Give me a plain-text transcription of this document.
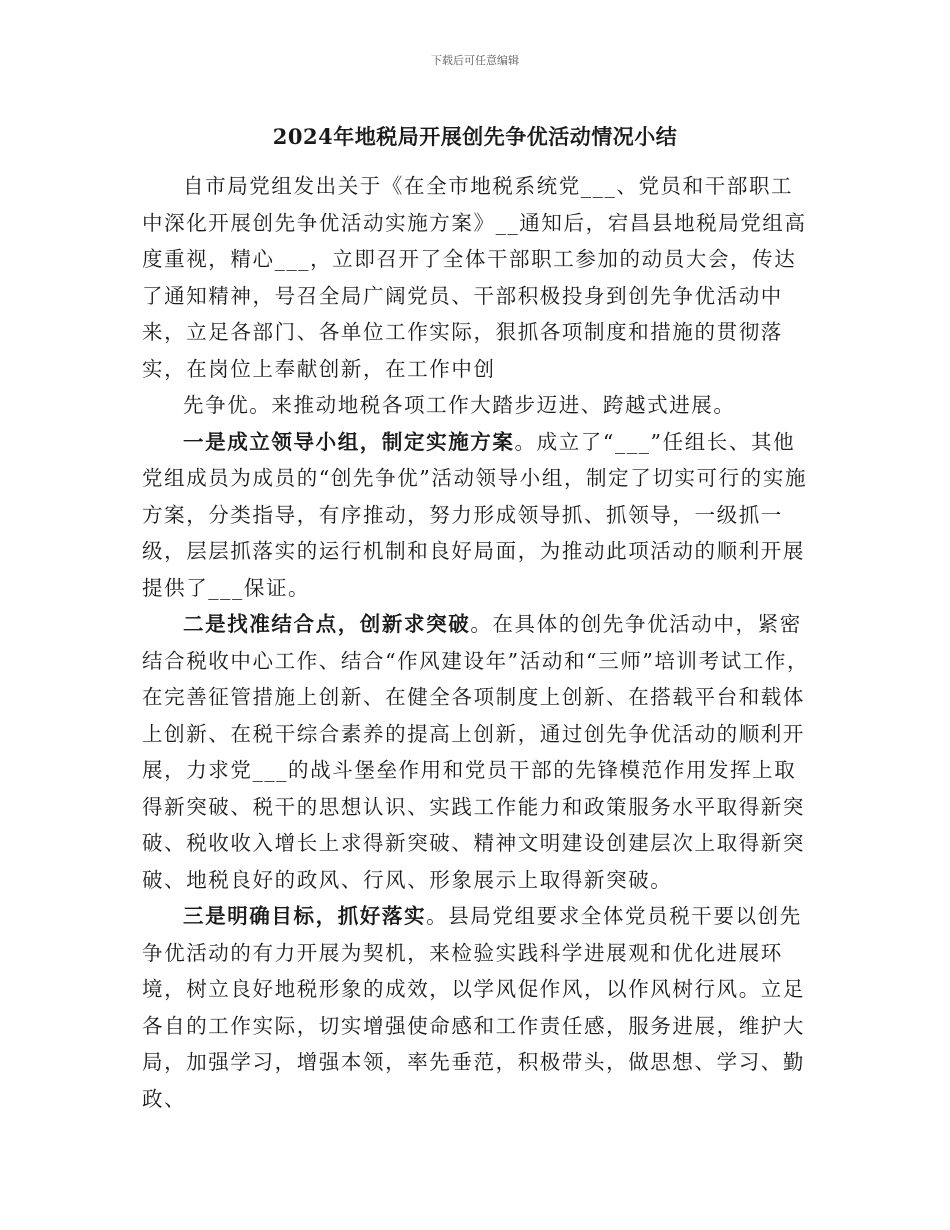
下载后可任意编辑
2024年地税局开展创先争优活动情况小结

自市局党组发出关于《在全市地税系统党___、党员和干部职工中深化开展创先争优活动实施方案》__通知后，宕昌县地税局党组高度重视，精心___，立即召开了全体干部职工参加的动员大会，传达了通知精神，号召全局广阔党员、干部积极投身到创先争优活动中来，立足各部门、各单位工作实际，狠抓各项制度和措施的贯彻落实，在岗位上奉献创新，在工作中创

先争优。来推动地税各项工作大踏步迈进、跨越式进展。

一是成立领导小组，制定实施方案。成立了“___”任组长、其他党组成员为成员的“创先争优”活动领导小组，制定了切实可行的实施方案，分类指导，有序推动，努力形成领导抓、抓领导，一级抓一级，层层抓落实的运行机制和良好局面，为推动此项活动的顺利开展提供了___保证。

二是找准结合点，创新求突破。在具体的创先争优活动中，紧密结合税收中心工作、结合“作风建设年”活动和“三师”培训考试工作，在完善征管措施上创新、在健全各项制度上创新、在搭载平台和载体上创新、在税干综合素养的提高上创新，通过创先争优活动的顺利开展，力求党___的战斗堡垒作用和党员干部的先锋模范作用发挥上取得新突破、税干的思想认识、实践工作能力和政策服务水平取得新突破、税收收入增长上求得新突破、精神文明建设创建层次上取得新突破、地税良好的政风、行风、形象展示上取得新突破。

三是明确目标，抓好落实。县局党组要求全体党员税干要以创先争优活动的有力开展为契机，来检验实践科学进展观和优化进展环境，树立良好地税形象的成效，以学风促作风，以作风树行风。立足各自的工作实际，切实增强使命感和工作责任感，服务进展，维护大局，加强学习，增强本领，率先垂范，积极带头，做思想、学习、勤政、
